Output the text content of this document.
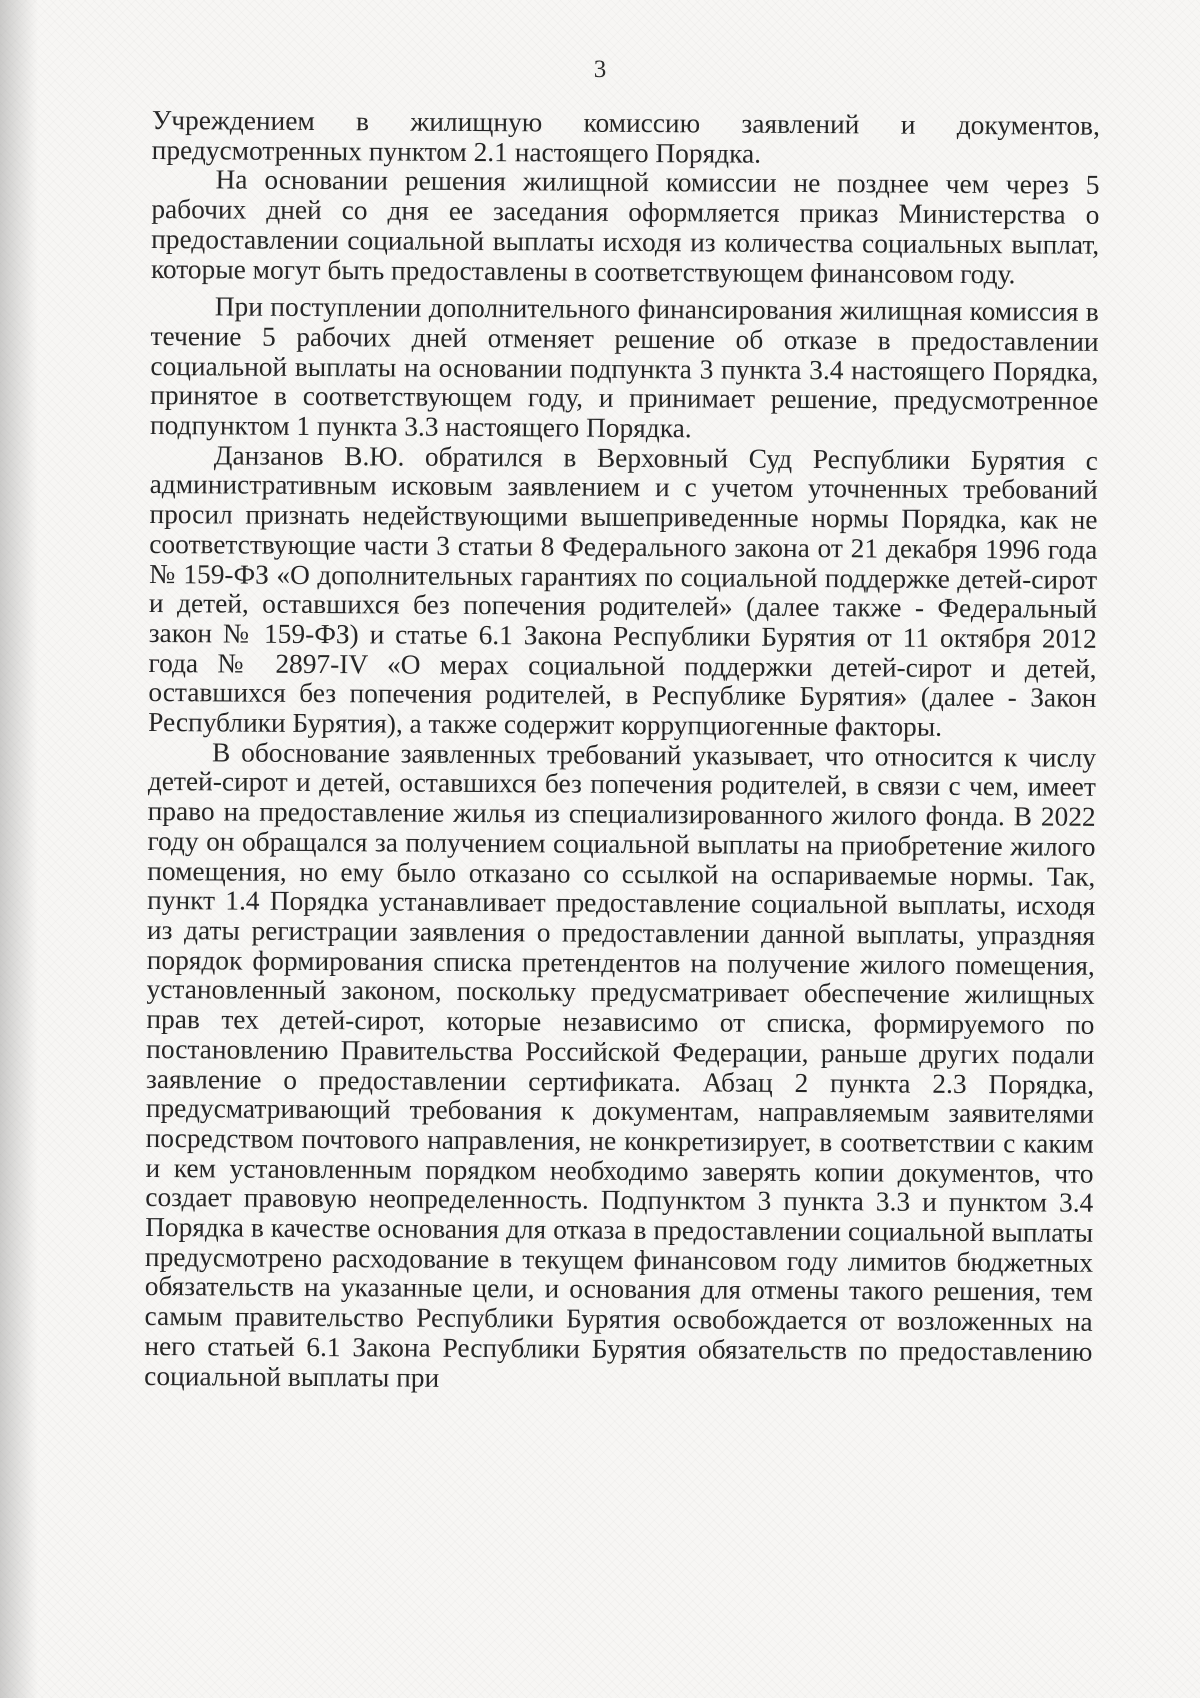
3

Учреждением в жилищную комиссию заявлений и документов, предусмотренных пунктом 2.1 настоящего Порядка.

На основании решения жилищной комиссии не позднее чем через 5 рабочих дней со дня ее заседания оформляется приказ Министерства о предоставлении социальной выплаты исходя из количества социальных выплат, которые могут быть предоставлены в соответствующем финансовом году.

При поступлении дополнительного финансирования жилищная комиссия в течение 5 рабочих дней отменяет решение об отказе в предоставлении социальной выплаты на основании подпункта 3 пункта 3.4 настоящего Порядка, принятое в соответствующем году, и принимает решение, предусмотренное подпунктом 1 пункта 3.3 настоящего Порядка.

Данзанов В.Ю. обратился в Верховный Суд Республики Бурятия с административным исковым заявлением и с учетом уточненных требований просил признать недействующими вышеприведенные нормы Порядка, как не соответствующие части 3 статьи 8 Федерального закона от 21 декабря 1996 года № 159-ФЗ «О дополнительных гарантиях по социальной поддержке детей-сирот и детей, оставшихся без попечения родителей» (далее также - Федеральный закон № 159-ФЗ) и статье 6.1 Закона Республики Бурятия от 11 октября 2012 года № 2897-IV «О мерах социальной поддержки детей-сирот и детей, оставшихся без попечения родителей, в Республике Бурятия» (далее - Закон Республики Бурятия), а также содержит коррупциогенные факторы.

В обоснование заявленных требований указывает, что относится к числу детей-сирот и детей, оставшихся без попечения родителей, в связи с чем, имеет право на предоставление жилья из специализированного жилого фонда. В 2022 году он обращался за получением социальной выплаты на приобретение жилого помещения, но ему было отказано со ссылкой на оспариваемые нормы. Так, пункт 1.4 Порядка устанавливает предоставление социальной выплаты, исходя из даты регистрации заявления о предоставлении данной выплаты, упраздняя порядок формирования списка претендентов на получение жилого помещения, установленный законом, поскольку предусматривает обеспечение жилищных прав тех детей-сирот, которые независимо от списка, формируемого по постановлению Правительства Российской Федерации, раньше других подали заявление о предоставлении сертификата. Абзац 2 пункта 2.3 Порядка, предусматривающий требования к документам, направляемым заявителями посредством почтового направления, не конкретизирует, в соответствии с каким и кем установленным порядком необходимо заверять копии документов, что создает правовую неопределенность. Подпунктом 3 пункта 3.3 и пунктом 3.4 Порядка в качестве основания для отказа в предоставлении социальной выплаты предусмотрено расходование в текущем финансовом году лимитов бюджетных обязательств на указанные цели, и основания для отмены такого решения, тем самым правительство Республики Бурятия освобождается от возложенных на него статьей 6.1 Закона Республики Бурятия обязательств по предоставлению социальной выплаты при
